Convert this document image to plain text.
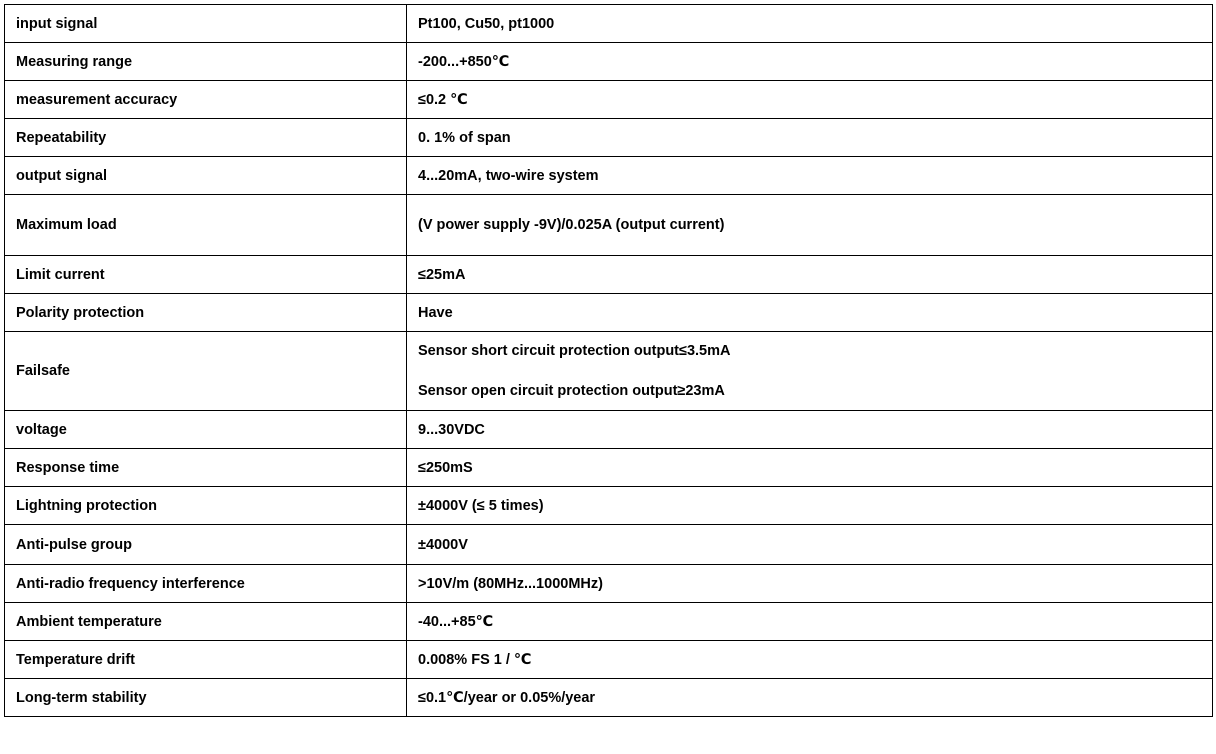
input signal	Pt100, Cu50, pt1000
Measuring range	-200...+850℃
measurement accuracy	≤0.2 ℃
Repeatability	0. 1% of span
output signal	4...20mA, two-wire system
Maximum load	(V power supply -9V)/0.025A (output current)
Limit current	≤25mA
Polarity protection	Have
Failsafe	Sensor short circuit protection output≤3.5mA
Sensor open circuit protection output≥23mA

voltage	9...30VDC
Response time	≤250mS
Lightning protection	±4000V (≤ 5 times)
Anti-pulse group	±4000V
Anti-radio frequency interference	>10V/m (80MHz...1000MHz)
Ambient temperature	-40...+85℃
Temperature drift	0.008% FS 1 / ℃
Long-term stability	≤0.1℃/year or 0.05%/year
